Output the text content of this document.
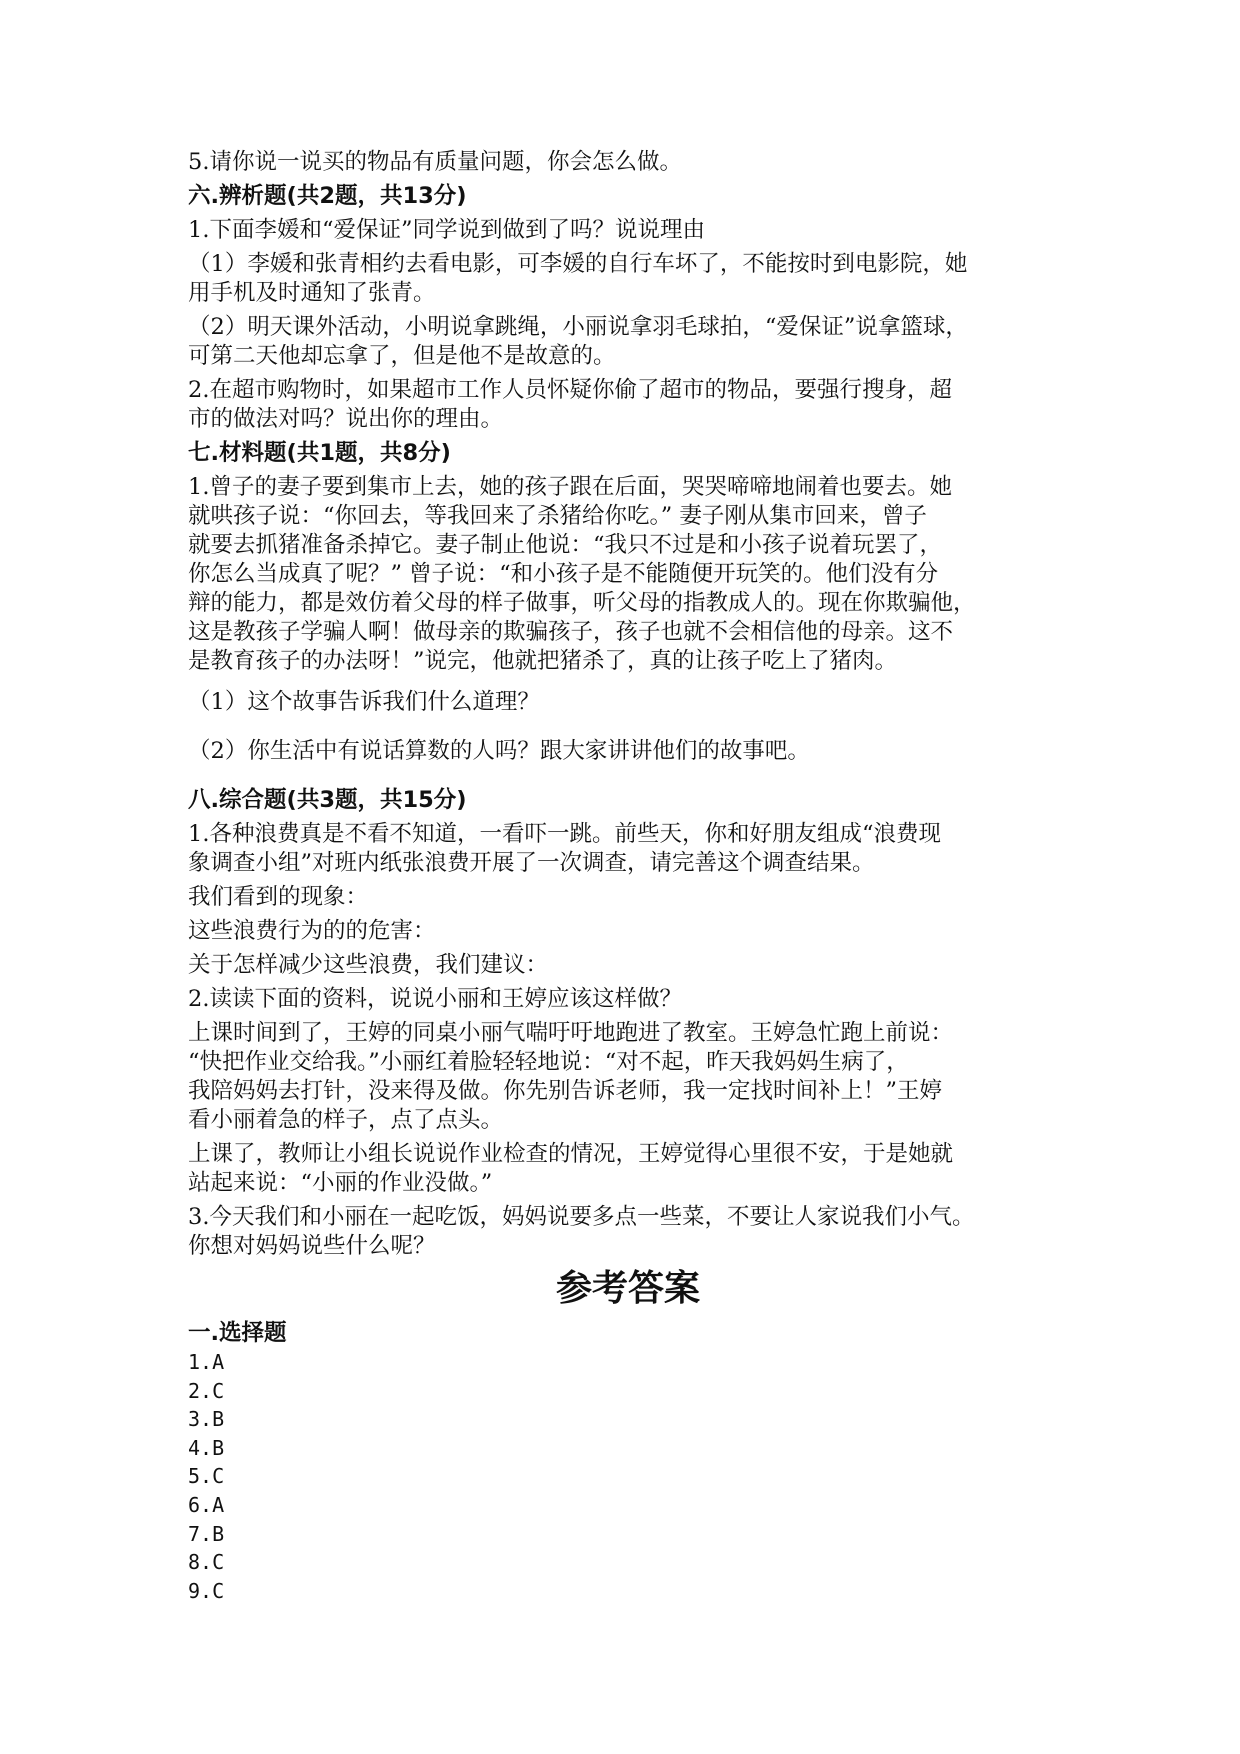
5.请你说一说买的物品有质量问题，你会怎么做。
六.辨析题(共2题，共13分)
1.下面李媛和“爱保证”同学说到做到了吗？说说理由
（1）李媛和张青相约去看电影，可李媛的自行车坏了，不能按时到电影院，她
用手机及时通知了张青。
（2）明天课外活动，小明说拿跳绳，小丽说拿羽毛球拍，“爱保证”说拿篮球，
可第二天他却忘拿了，但是他不是故意的。
2.在超市购物时，如果超市工作人员怀疑你偷了超市的物品，要强行搜身，超
市的做法对吗？说出你的理由。
七.材料题(共1题，共8分)
1.曾子的妻子要到集市上去，她的孩子跟在后面，哭哭啼啼地闹着也要去。她
就哄孩子说：“你回去，等我回来了杀猪给你吃。” 妻子刚从集市回来，曾子
就要去抓猪准备杀掉它。妻子制止他说：“我只不过是和小孩子说着玩罢了，
你怎么当成真了呢？” 曾子说：“和小孩子是不能随便开玩笑的。他们没有分
辩的能力，都是效仿着父母的样子做事，听父母的指教成人的。现在你欺骗他，
这是教孩子学骗人啊！做母亲的欺骗孩子，孩子也就不会相信他的母亲。这不
是教育孩子的办法呀！”说完，他就把猪杀了，真的让孩子吃上了猪肉。
（1）这个故事告诉我们什么道理？
（2）你生活中有说话算数的人吗？跟大家讲讲他们的故事吧。
八.综合题(共3题，共15分)
1.各种浪费真是不看不知道，一看吓一跳。前些天，你和好朋友组成“浪费现
象调查小组”对班内纸张浪费开展了一次调查，请完善这个调查结果。
我们看到的现象：
这些浪费行为的的危害：
关于怎样减少这些浪费，我们建议：
2.读读下面的资料，说说小丽和王婷应该这样做？
上课时间到了，王婷的同桌小丽气喘吁吁地跑进了教室。王婷急忙跑上前说：
“快把作业交给我。”小丽红着脸轻轻地说：“对不起，昨天我妈妈生病了，
我陪妈妈去打针，没来得及做。你先别告诉老师，我一定找时间补上！”王婷
看小丽着急的样子，点了点头。
上课了，教师让小组长说说作业检查的情况，王婷觉得心里很不安，于是她就
站起来说：“小丽的作业没做。”
3.今天我们和小丽在一起吃饭，妈妈说要多点一些菜，不要让人家说我们小气。
你想对妈妈说些什么呢？
参考答案
一.选择题
1.A
2.C
3.B
4.B
5.C
6.A
7.B
8.C
9.C
